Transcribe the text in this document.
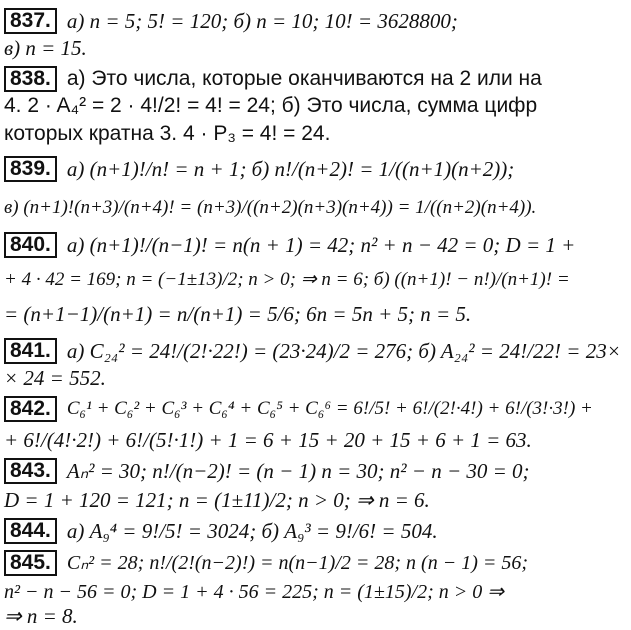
837. а) n = 5; 5! = 120; б) n = 10; 10! = 3628800;
в) n = 15.
838. а) Это числа, которые оканчиваются на 2 или на
4. 2 · A₄² = 2 · 4!/2! = 4! = 24; б) Это числа, сумма цифр
которых кратна 3. 4 · P₃ = 4! = 24.
839. а) (n+1)!/n! = n + 1; б) n!/(n+2)! = 1/((n+1)(n+2));
в) (n+1)!(n+3)/(n+4)! = (n+3)/((n+2)(n+3)(n+4)) = 1/((n+2)(n+4)).
840. а) (n+1)!/(n−1)! = n(n + 1) = 42; n² + n − 42 = 0; D = 1 +
+ 4 · 42 = 169; n = (−1±13)/2; n > 0; ⇒ n = 6; б) ((n+1)! − n!)/(n+1)! =
= (n+1−1)/(n+1) = n/(n+1) = 5/6; 6n = 5n + 5; n = 5.
841. а) C₂₄² = 24!/(2!·22!) = (23·24)/2 = 276; б) A₂₄² = 24!/22! = 23×
× 24 = 552.
842. C₆¹ + C₆² + C₆³ + C₆⁴ + C₆⁵ + C₆⁶ = 6!/5! + 6!/(2!·4!) + 6!/(3!·3!) +
+ 6!/(4!·2!) + 6!/(5!·1!) + 1 = 6 + 15 + 20 + 15 + 6 + 1 = 63.
843. Aₙ² = 30; n!/(n−2)! = (n − 1) n = 30; n² − n − 30 = 0;
D = 1 + 120 = 121; n = (1±11)/2; n > 0; ⇒ n = 6.
844. а) A₉⁴ = 9!/5! = 3024; б) A₉³ = 9!/6! = 504.
845. Cₙ² = 28; n!/(2!(n−2)!) = n(n−1)/2 = 28; n (n − 1) = 56;
n² − n − 56 = 0; D = 1 + 4 · 56 = 225; n = (1±15)/2; n > 0 ⇒
⇒ n = 8.
